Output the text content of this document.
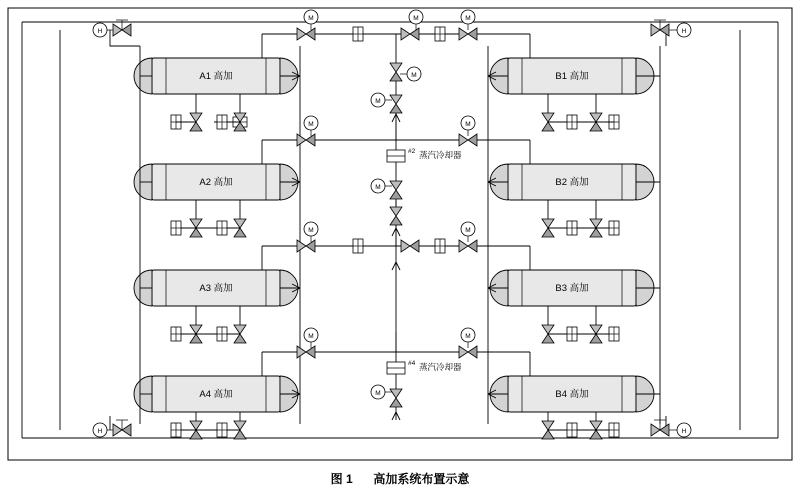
A1 高加
A2 高加
A3 高加
A4 高加
B1 高加
B2 高加
B3 高加
B4 高加
M	M	M
M
M
M	M
#2 蒸汽冷却器
M
M	M
M	M
#4 蒸汽冷却器
M
H	H
H	H
图 1 高加系统布置示意
